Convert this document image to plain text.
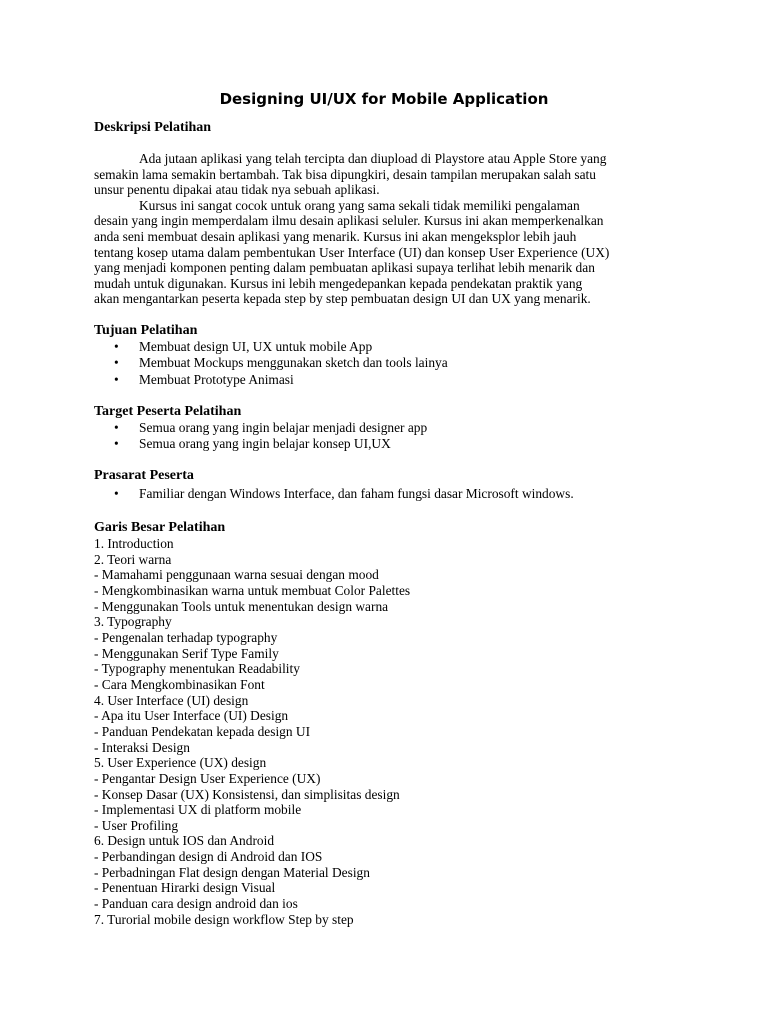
Designing UI/UX for Mobile Application
Deskripsi Pelatihan

Ada jutaan aplikasi yang telah tercipta dan diupload di Playstore atau Apple Store yang
semakin lama semakin bertambah. Tak bisa dipungkiri, desain tampilan merupakan salah satu
unsur penentu dipakai atau tidak nya sebuah aplikasi.
Kursus ini sangat cocok untuk orang yang sama sekali tidak memiliki pengalaman
desain yang ingin memperdalam ilmu desain aplikasi seluler. Kursus ini akan memperkenalkan
anda seni membuat desain aplikasi yang menarik. Kursus ini akan mengeksplor lebih jauh
tentang kosep utama dalam pembentukan User Interface (UI) dan konsep User Experience (UX)
yang menjadi komponen penting dalam pembuatan aplikasi supaya terlihat lebih menarik dan
mudah untuk digunakan. Kursus ini lebih mengedepankan kepada pendekatan praktik yang
akan mengantarkan peserta kepada step by step pembuatan design UI dan UX yang menarik.

Tujuan Pelatihan
• Membuat design UI, UX untuk mobile App
• Membuat Mockups menggunakan sketch dan tools lainya
• Membuat Prototype Animasi
Target Peserta Pelatihan
• Semua orang yang ingin belajar menjadi designer app
• Semua orang yang ingin belajar konsep UI,UX
Prasarat Peserta
• Familiar dengan Windows Interface, dan faham fungsi dasar Microsoft windows.
Garis Besar Pelatihan
1. Introduction
2. Teori warna
- Mamahami penggunaan warna sesuai dengan mood
- Mengkombinasikan warna untuk membuat Color Palettes
- Menggunakan Tools untuk menentukan design warna
3. Typography
- Pengenalan terhadap typography
- Menggunakan Serif Type Family
- Typography menentukan Readability
- Cara Mengkombinasikan Font
4. User Interface (UI) design
- Apa itu User Interface (UI) Design
- Panduan Pendekatan kepada design UI
- Interaksi Design
5. User Experience (UX) design
- Pengantar Design User Experience (UX)
- Konsep Dasar (UX) Konsistensi, dan simplisitas design
- Implementasi UX di platform mobile
- User Profiling
6. Design untuk IOS dan Android
- Perbandingan design di Android dan IOS
- Perbadningan Flat design dengan Material Design
- Penentuan Hirarki design Visual
- Panduan cara design android dan ios
7. Turorial mobile design workflow Step by step
